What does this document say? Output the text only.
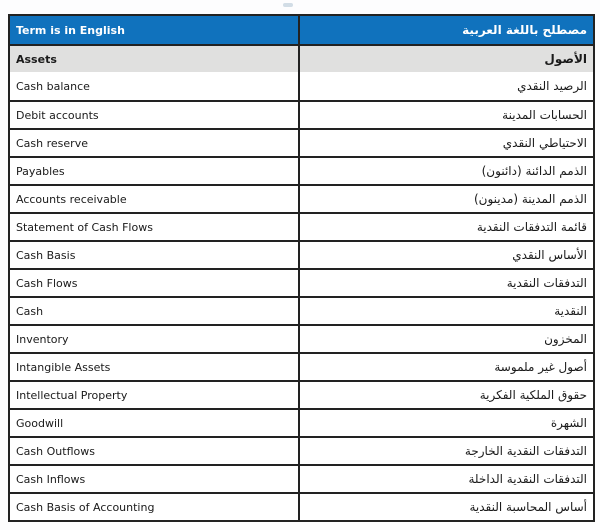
Term is in English	مصطلح باللغة العربية
Assets	الأصول
Cash balance	الرصيد النقدي
Debit accounts	الحسابات المدينة
Cash reserve	الاحتياطي النقدي
Payables	الذمم الدائنة (دائنون)
Accounts receivable	الذمم المدينة (مدينون)
Statement of Cash Flows	قائمة التدفقات النقدية
Cash Basis	الأساس النقدي
Cash Flows	التدفقات النقدية
Cash	النقدية
Inventory	المخزون
Intangible Assets	أصول غير ملموسة
Intellectual Property	حقوق الملكية الفكرية
Goodwill	الشهرة
Cash Outflows	التدفقات النقدية الخارجة
Cash Inflows	التدفقات النقدية الداخلة
Cash Basis of Accounting	أساس المحاسبة النقدية
